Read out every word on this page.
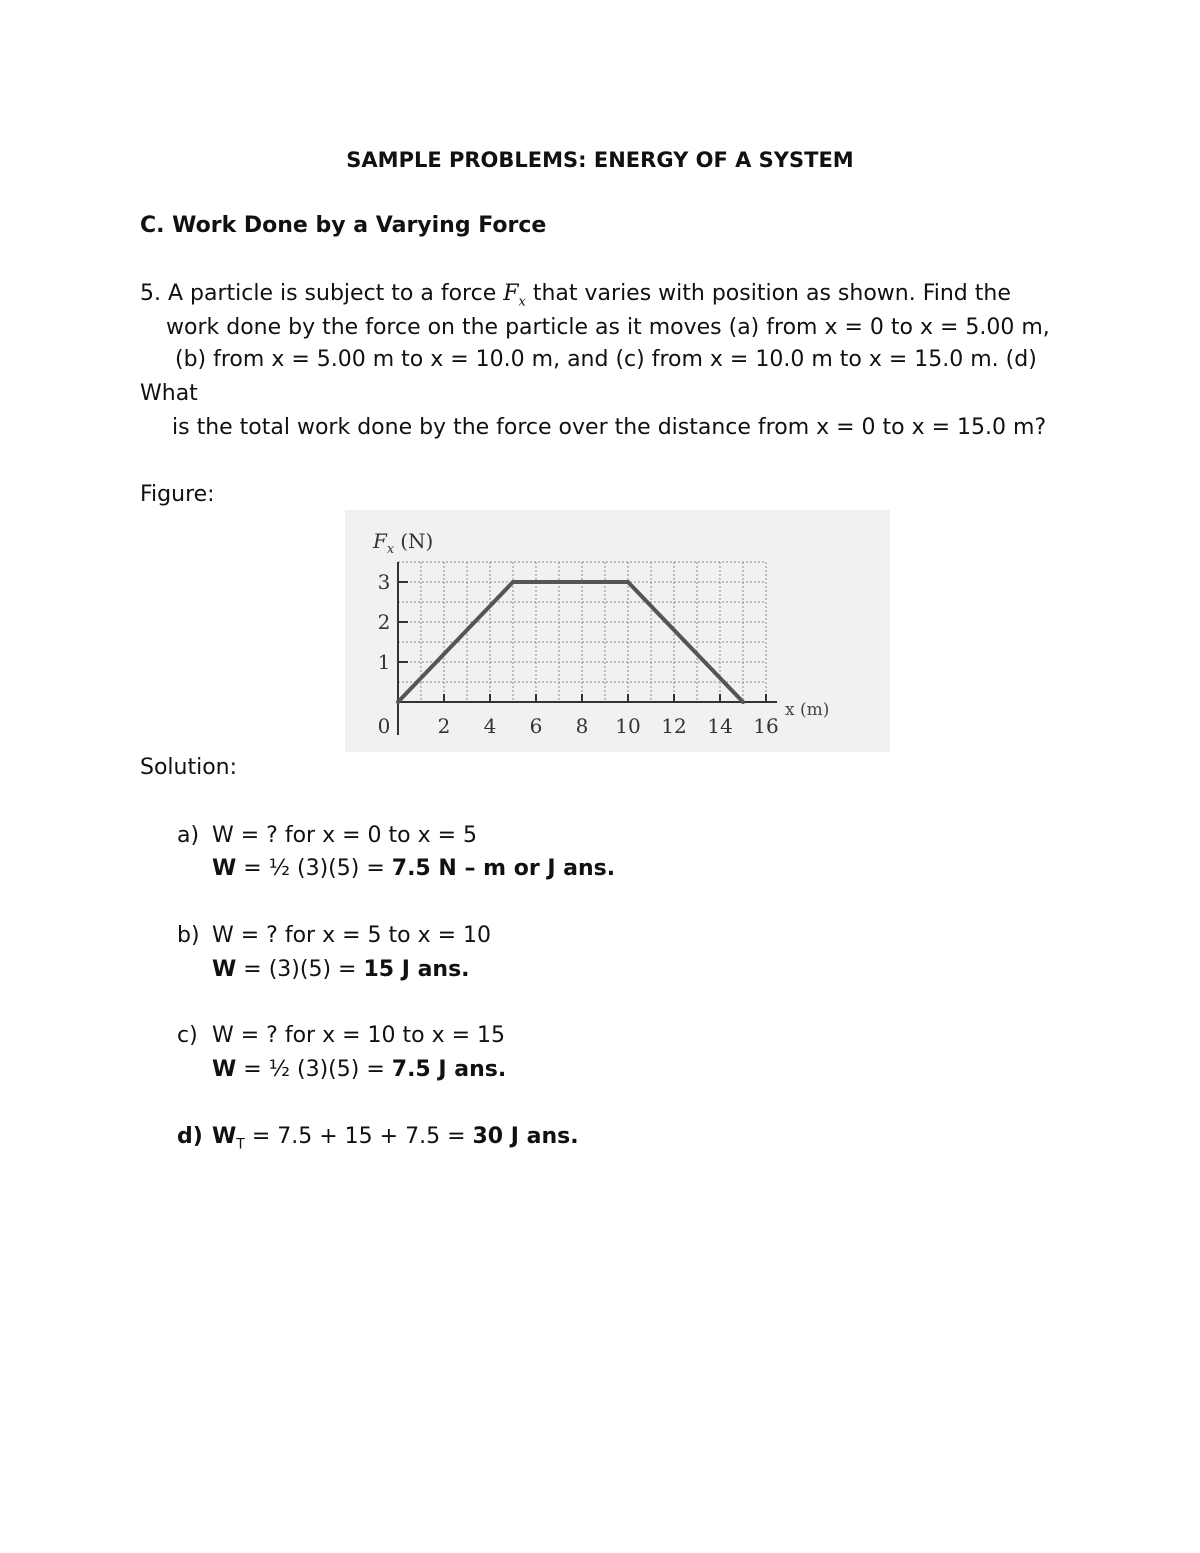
SAMPLE PROBLEMS: ENERGY OF A SYSTEM

C. Work Done by a Varying Force

5. A particle is subject to a force $F_x$ that varies with position as shown. Find the

work done by the force on the particle as it moves (a) from x = 0 to x = 5.00 m,

(b) from x = 5.00 m to x = 10.0 m, and (c) from x = 10.0 m to x = 15.0 m. (d)

What

is the total work done by the force over the distance from x = 0 to x = 15.0 m?

Figure:

1
2
3
0 2 4 6 8 10 12 14 16
$F_x$ (N)
x (m)

Solution:

a) W = ? for x = 0 to x = 5

W = ½ (3)(5) = 7.5 N – m or J ans.

b) W = ? for x = 5 to x = 10

W = (3)(5) = 15 J ans.

c) W = ? for x = 10 to x = 15

W = ½ (3)(5) = 7.5 J ans.

d) $W_T = 7.5 + 15 + 7.5 = 30$ J ans.
